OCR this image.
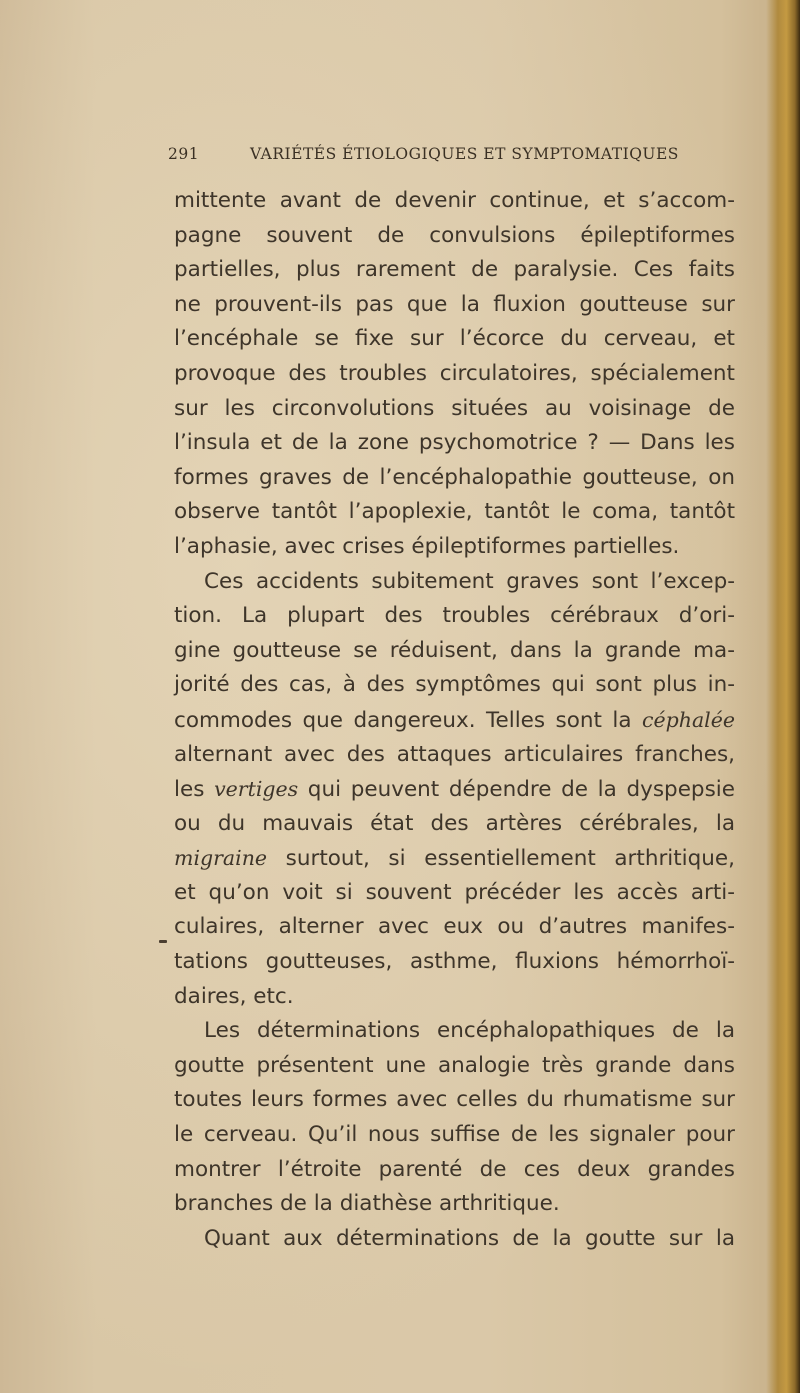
291	VARIÉTÉS ÉTIOLOGIQUES ET SYMPTOMATIQUES
mittente avant de devenir continue, et s’accom-
pagne souvent de convulsions épileptiformes
partielles, plus rarement de paralysie. Ces faits
ne prouvent-ils pas que la fluxion goutteuse sur
l’encéphale se fixe sur l’écorce du cerveau, et
provoque des troubles circulatoires, spécialement
sur les circonvolutions situées au voisinage de
l’insula et de la zone psychomotrice ? — Dans les
formes graves de l’encéphalopathie goutteuse, on
observe tantôt l’apoplexie, tantôt le coma, tantôt
l’aphasie, avec crises épileptiformes partielles.
Ces accidents subitement graves sont l’excep-
tion. La plupart des troubles cérébraux d’ori-
gine goutteuse se réduisent, dans la grande ma-
jorité des cas, à des symptômes qui sont plus in-
commodes que dangereux. Telles sont la céphalée
alternant avec des attaques articulaires franches,
les vertiges qui peuvent dépendre de la dyspepsie
ou du mauvais état des artères cérébrales, la
migraine surtout, si essentiellement arthritique,
et qu’on voit si souvent précéder les accès arti-
culaires, alterner avec eux ou d’autres manifes-
tations goutteuses, asthme, fluxions hémorrhoï-
daires, etc.
Les déterminations encéphalopathiques de la
goutte présentent une analogie très grande dans
toutes leurs formes avec celles du rhumatisme sur
le cerveau. Qu’il nous suffise de les signaler pour
montrer l’étroite parenté de ces deux grandes
branches de la diathèse arthritique.
Quant aux déterminations de la goutte sur la
